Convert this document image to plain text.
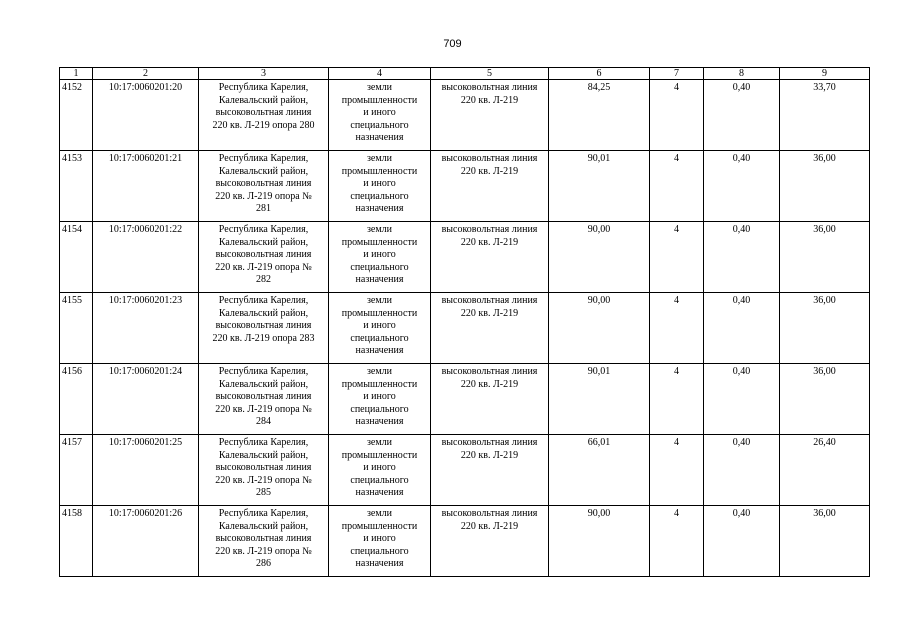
709
1	2	3	4	5	6	7	8	9
4152	10:17:0060201:20	Республика Карелия,
Калевальский район,
высоковольтная линия
220 кв. Л-219 опора 280	земли
промышленности
и иного
специального
назначения	высоковольтная линия
220 кв. Л-219	84,25	4	0,40	33,70
4153	10:17:0060201:21	Республика Карелия,
Калевальский район,
высоковольтная линия
220 кв. Л-219 опора №
281	земли
промышленности
и иного
специального
назначения	высоковольтная линия
220 кв. Л-219	90,01	4	0,40	36,00
4154	10:17:0060201:22	Республика Карелия,
Калевальский район,
высоковольтная линия
220 кв. Л-219 опора №
282	земли
промышленности
и иного
специального
назначения	высоковольтная линия
220 кв. Л-219	90,00	4	0,40	36,00
4155	10:17:0060201:23	Республика Карелия,
Калевальский район,
высоковольтная линия
220 кв. Л-219 опора 283	земли
промышленности
и иного
специального
назначения	высоковольтная линия
220 кв. Л-219	90,00	4	0,40	36,00
4156	10:17:0060201:24	Республика Карелия,
Калевальский район,
высоковольтная линия
220 кв. Л-219 опора №
284	земли
промышленности
и иного
специального
назначения	высоковольтная линия
220 кв. Л-219	90,01	4	0,40	36,00
4157	10:17:0060201:25	Республика Карелия,
Калевальский район,
высоковольтная линия
220 кв. Л-219 опора №
285	земли
промышленности
и иного
специального
назначения	высоковольтная линия
220 кв. Л-219	66,01	4	0,40	26,40
4158	10:17:0060201:26	Республика Карелия,
Калевальский район,
высоковольтная линия
220 кв. Л-219 опора №
286	земли
промышленности
и иного
специального
назначения	высоковольтная линия
220 кв. Л-219	90,00	4	0,40	36,00
